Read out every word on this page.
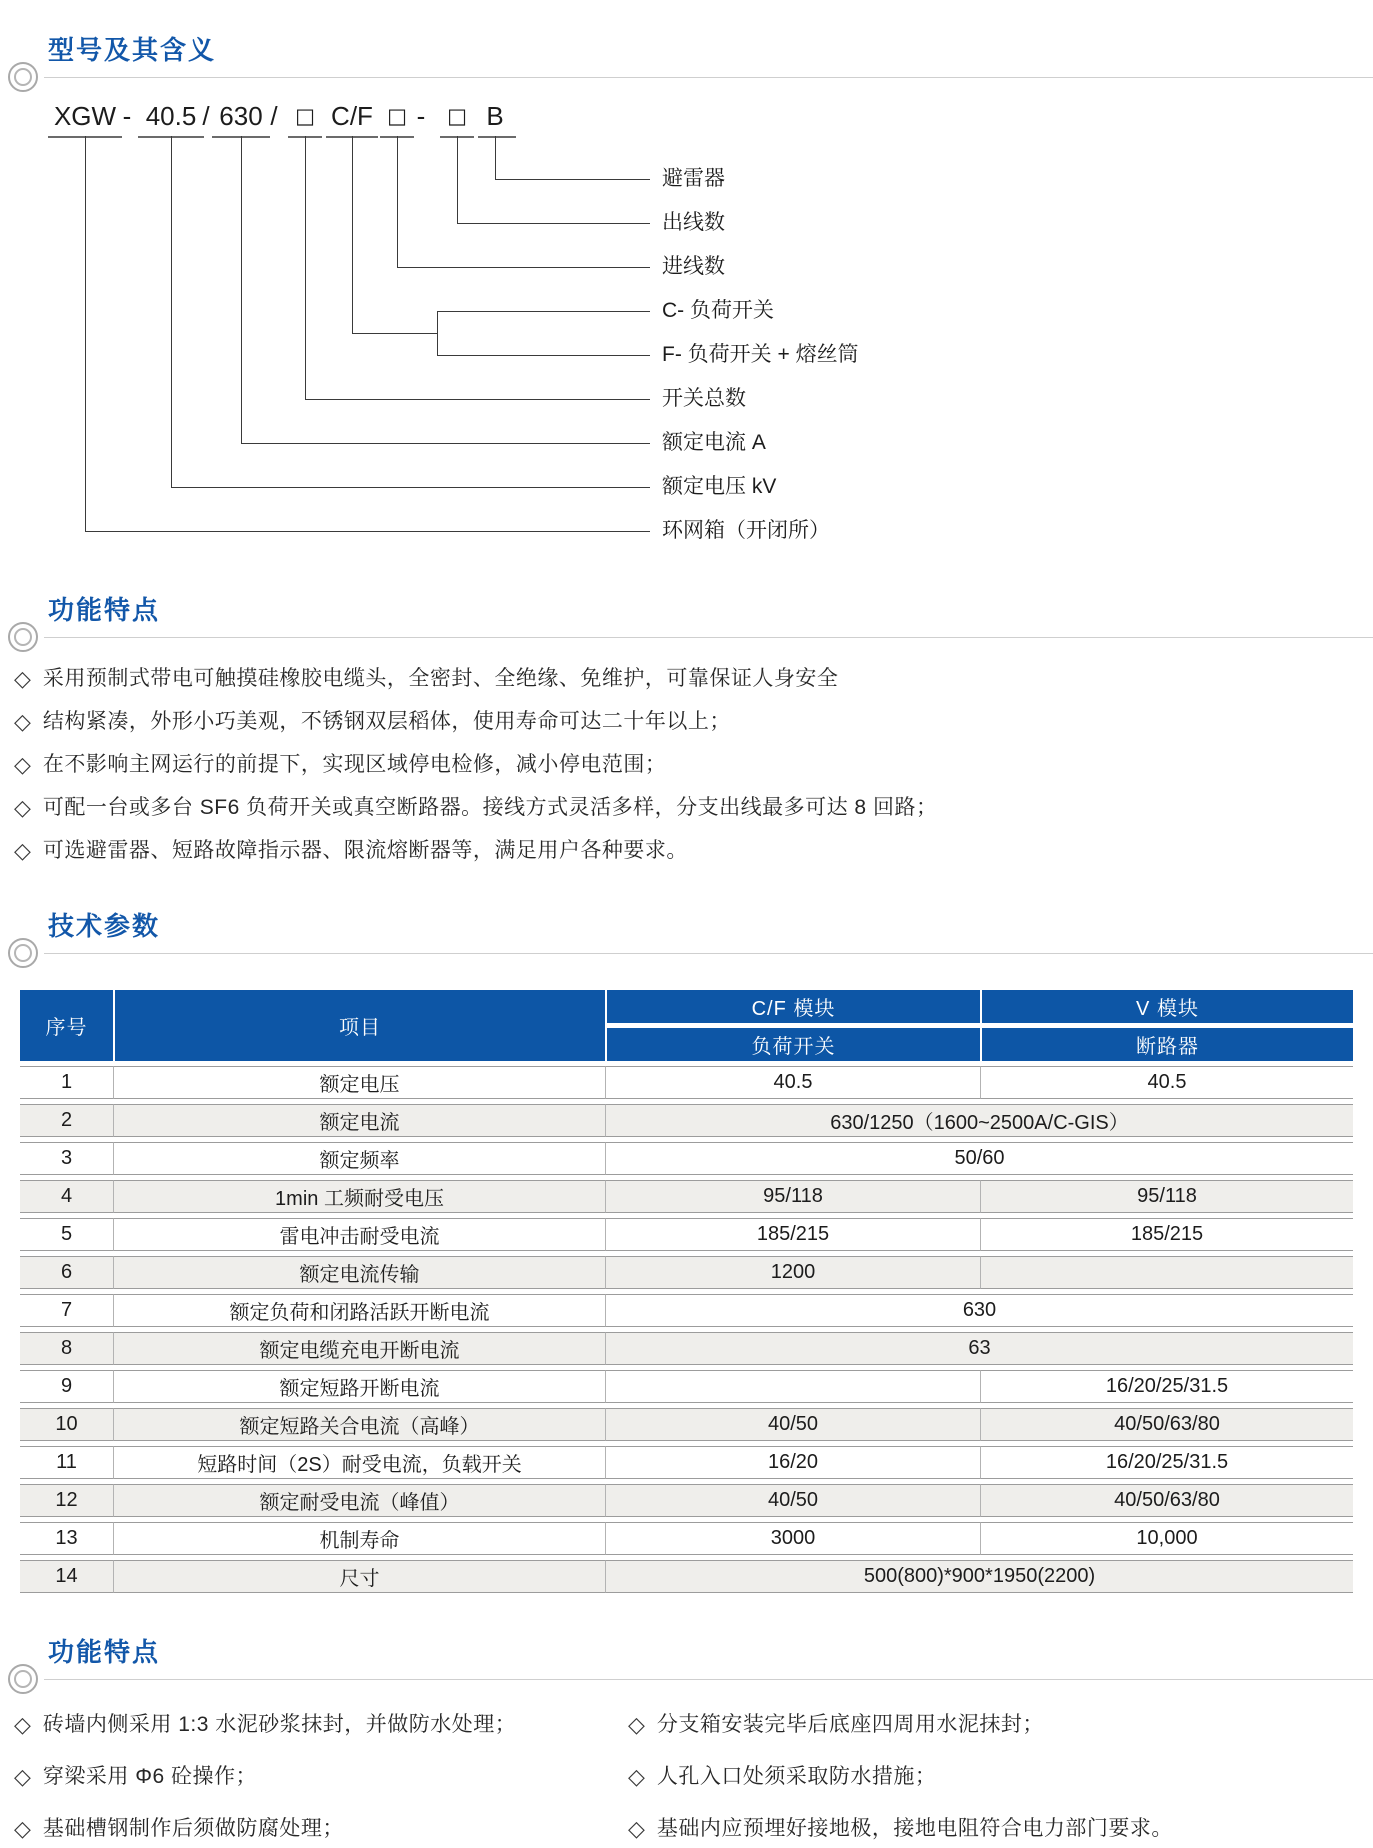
型号及其含义
XGW - 40.5 / 630 / □ C/F □ -	□ B
避雷器
出线数
进线数
C- 负荷开关
F- 负荷开关 + 熔丝筒
开关总数
额定电流 A
额定电压 kV
环网箱（开闭所）
功能特点
◇ 采用预制式带电可触摸硅橡胶电缆头，全密封、全绝缘、免维护，可靠保证人身安全
◇ 结构紧凑，外形小巧美观，不锈钢双层稻体，使用寿命可达二十年以上；
◇ 在不影响主网运行的前提下，实现区域停电检修，减小停电范围；
◇ 可配一台或多台 SF6 负荷开关或真空断路器。接线方式灵活多样，分支出线最多可达 8 回路；
◇ 可选避雷器、短路故障指示器、限流熔断器等，满足用户各种要求。
技术参数
序号	项目	C/F 模块	V 模块
		负荷开关	断路器
1	额定电压	40.5	40.5
2	额定电流	630/1250（1600~2500A/C-GIS）	
3	额定频率	50/60	
4	1min 工频耐受电压	95/118	95/118
5	雷电冲击耐受电流	185/215	185/215
6	额定电流传输	1200	
7	额定负荷和闭路活跃开断电流	630	
8	额定电缆充电开断电流	63	
9	额定短路开断电流		16/20/25/31.5
10	额定短路关合电流（高峰）	40/50	40/50/63/80
11	短路时间（2S）耐受电流，负载开关	16/20	16/20/25/31.5
12	额定耐受电流（峰值）	40/50	40/50/63/80
13	机制寿命	3000	10,000
14	尺寸	500(800)*900*1950(2200)	
功能特点
◇ 砖墙内侧采用 1:3 水泥砂浆抹封，并做防水处理；
◇ 穿梁采用 Φ6 砼操作；
◇ 基础槽钢制作后须做防腐处理；
◇ 分支箱安装完毕后底座四周用水泥抹封；
◇ 人孔入口处须采取防水措施；
◇ 基础内应预埋好接地极，接地电阻符合电力部门要求。
